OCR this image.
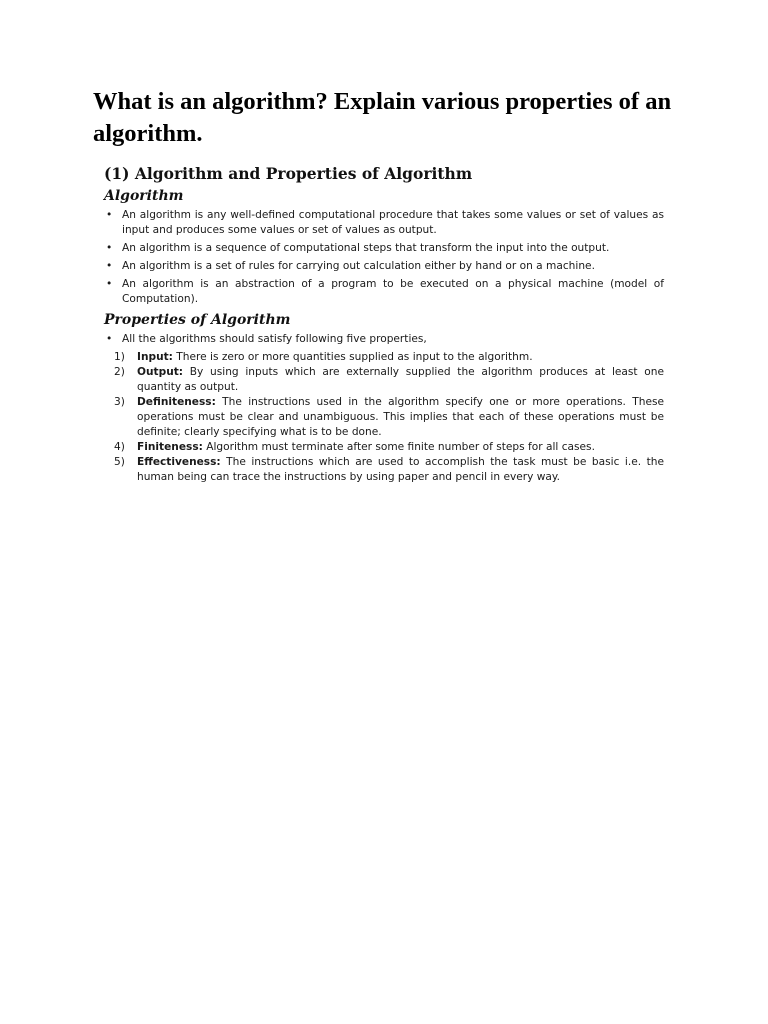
What is an algorithm? Explain various properties of an algorithm.
(1) Algorithm and Properties of Algorithm
Algorithm
• An algorithm is any well-defined computational procedure that takes some values or set of values as input and produces some values or set of values as output.
• An algorithm is a sequence of computational steps that transform the input into the output.
• An algorithm is a set of rules for carrying out calculation either by hand or on a machine.
• An algorithm is an abstraction of a program to be executed on a physical machine (model of Computation).
Properties of Algorithm
• All the algorithms should satisfy following five properties,
1) Input: There is zero or more quantities supplied as input to the algorithm.
2) Output: By using inputs which are externally supplied the algorithm produces at least one quantity as output.
3) Definiteness: The instructions used in the algorithm specify one or more operations. These operations must be clear and unambiguous. This implies that each of these operations must be definite; clearly specifying what is to be done.
4) Finiteness: Algorithm must terminate after some finite number of steps for all cases.
5) Effectiveness: The instructions which are used to accomplish the task must be basic i.e. the human being can trace the instructions by using paper and pencil in every way.
